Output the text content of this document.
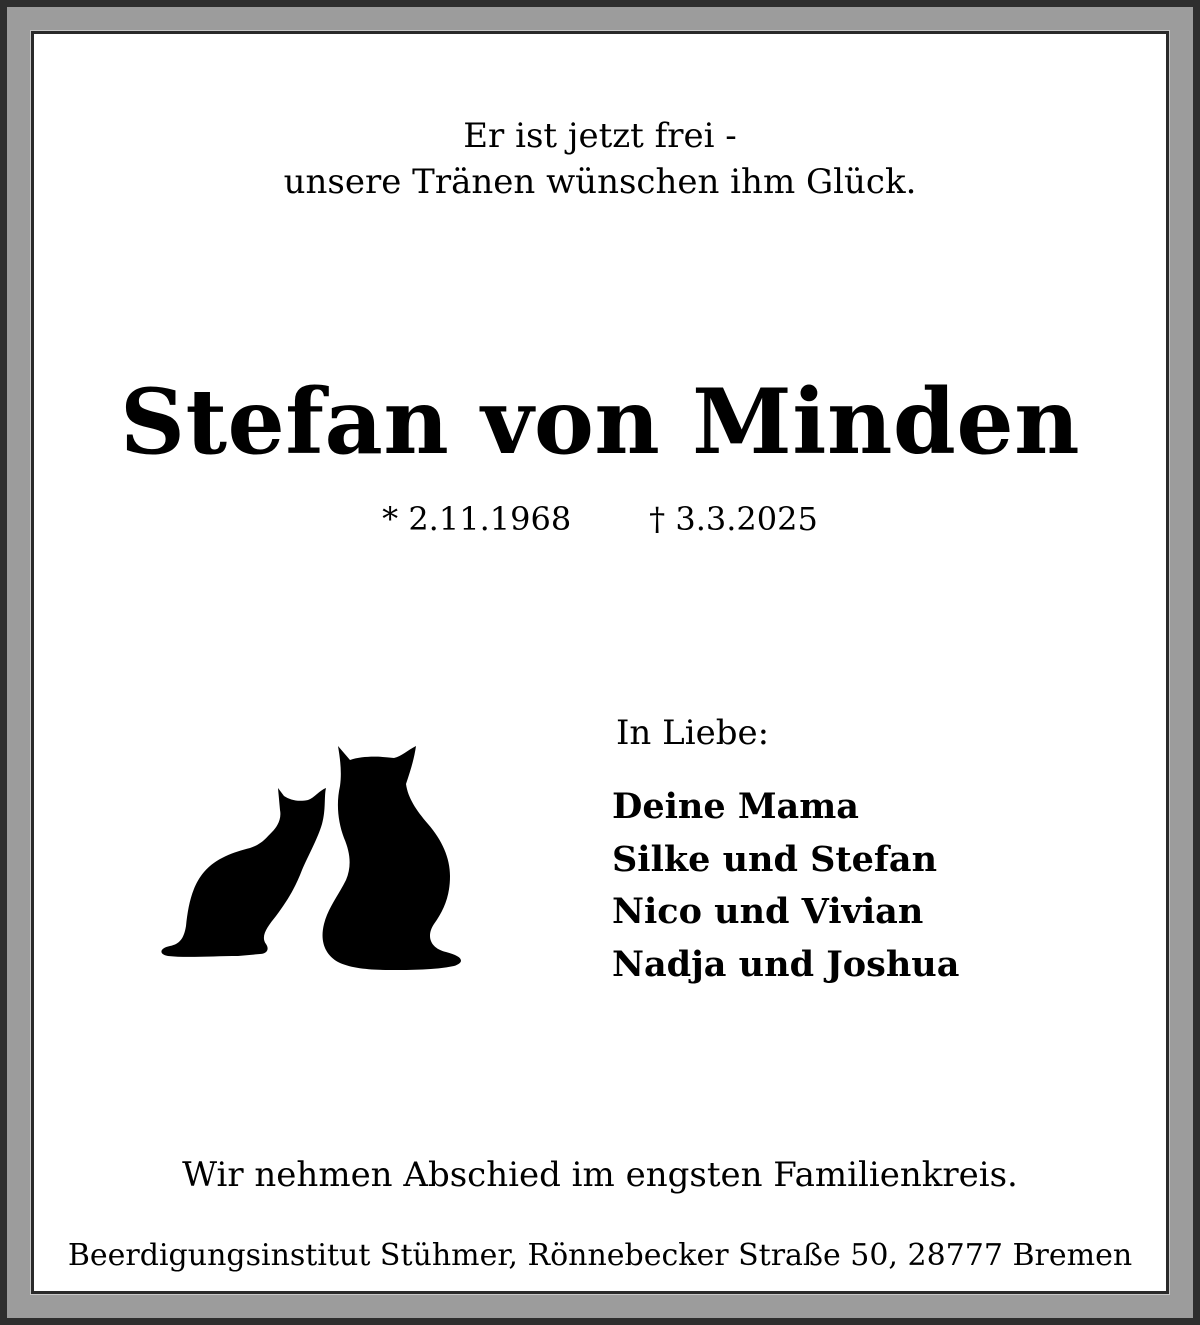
Er ist jetzt frei -
unsere Tränen wünschen ihm Glück.
Stefan von Minden
* 2.11.1968 † 3.3.2025
In Liebe:
Deine Mama
Silke und Stefan
Nico und Vivian
Nadja und Joshua
Wir nehmen Abschied im engsten Familienkreis.
Beerdigungsinstitut Stühmer, Rönnebecker Straße 50, 28777 Bremen
